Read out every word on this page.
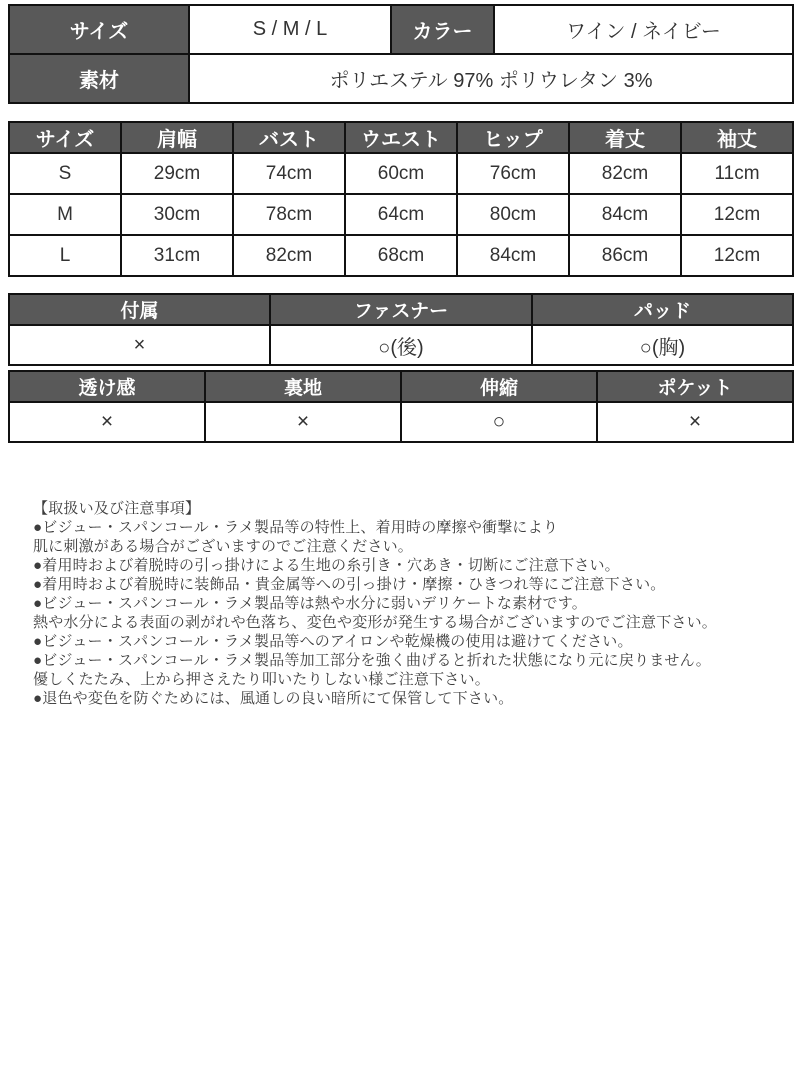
サイズ	S / M / L	カラー	ワイン / ネイビー
素材	ポリエステル 97% ポリウレタン 3%		
サイズ	肩幅	バスト	ウエスト	ヒップ	着丈	袖丈
S	29cm	74cm	60cm	76cm	82cm	11cm
M	30cm	78cm	64cm	80cm	84cm	12cm
L	31cm	82cm	68cm	84cm	86cm	12cm
付属	ファスナー	パッド
×	○(後)	○(胸)
透け感	裏地	伸縮	ポケット
×	×	○	×
【取扱い及び注意事項】
●ビジュー・スパンコール・ラメ製品等の特性上、着用時の摩擦や衝撃により
肌に刺激がある場合がございますのでご注意ください。
●着用時および着脱時の引っ掛けによる生地の糸引き・穴あき・切断にご注意下さい。
●着用時および着脱時に装飾品・貴金属等への引っ掛け・摩擦・ひきつれ等にご注意下さい。
●ビジュー・スパンコール・ラメ製品等は熱や水分に弱いデリケートな素材です。
熱や水分による表面の剥がれや色落ち、変色や変形が発生する場合がございますのでご注意下さい。
●ビジュー・スパンコール・ラメ製品等へのアイロンや乾燥機の使用は避けてください。
●ビジュー・スパンコール・ラメ製品等加工部分を強く曲げると折れた状態になり元に戻りません。
優しくたたみ、上から押さえたり叩いたりしない様ご注意下さい。
●退色や変色を防ぐためには、風通しの良い暗所にて保管して下さい。
